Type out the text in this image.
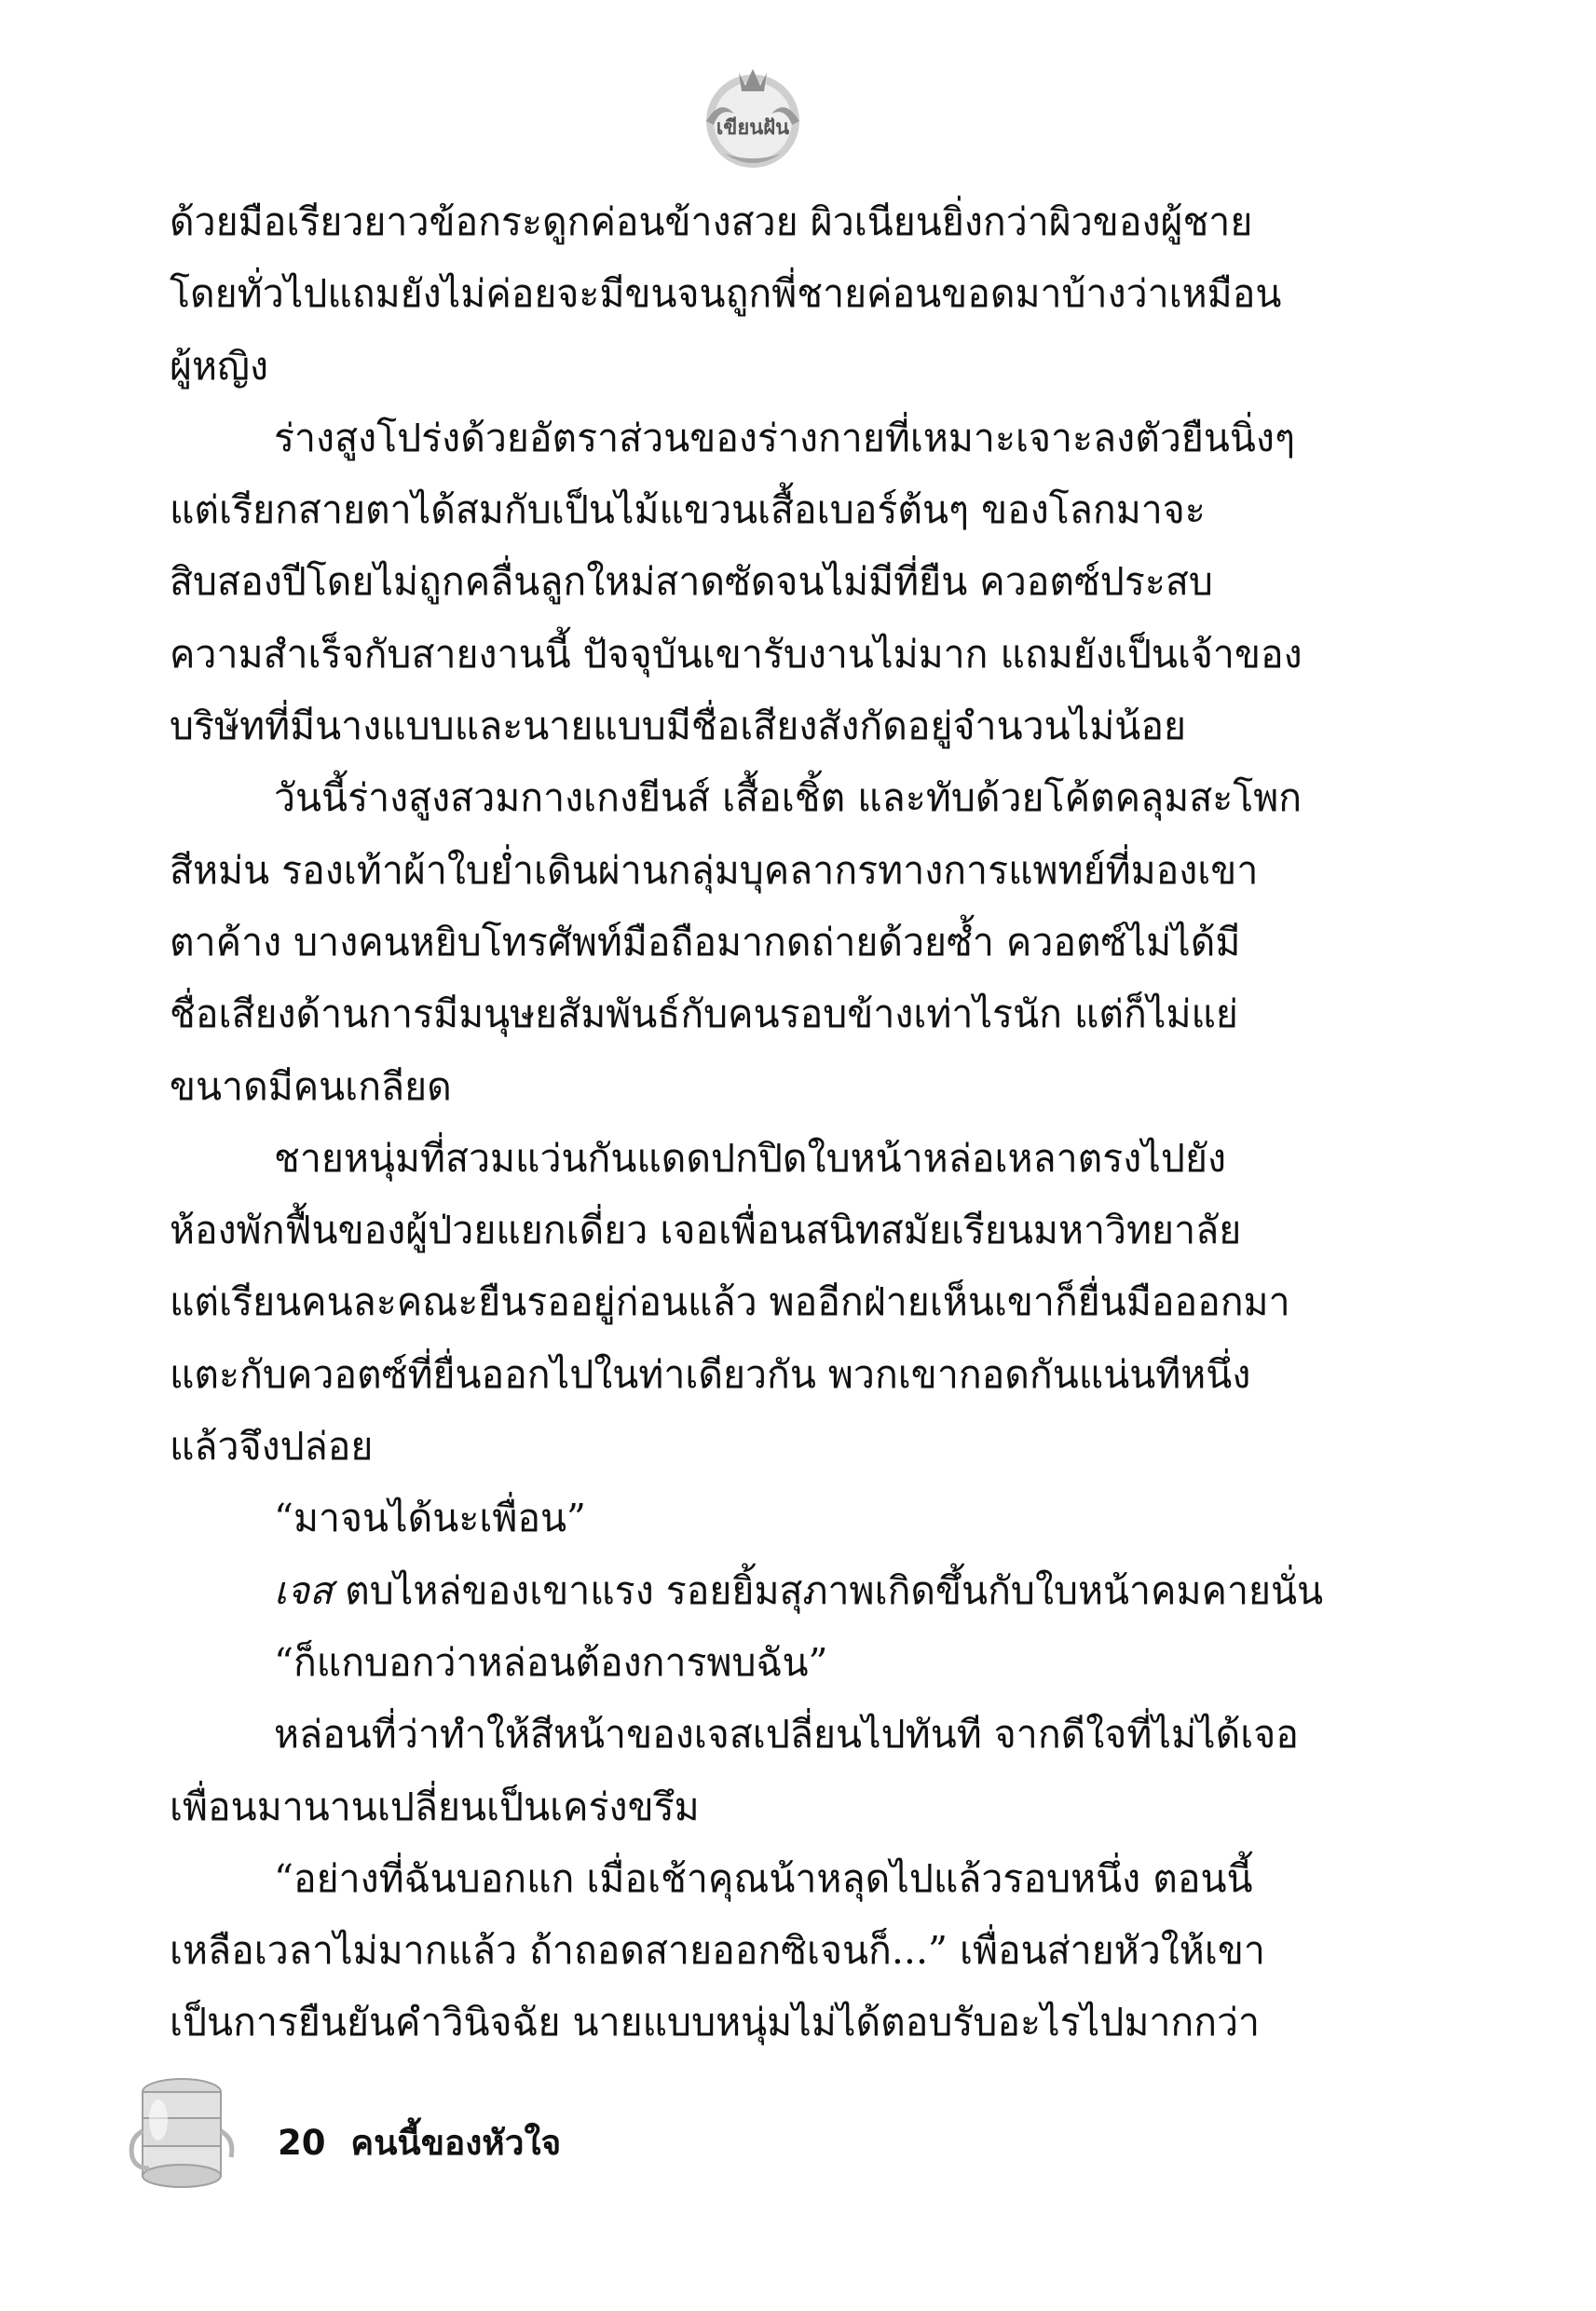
เขียนฝัน
ด้วยมือเรียวยาวข้อกระดูกค่อนข้างสวย ผิวเนียนยิ่งกว่าผิวของผู้ชาย
โดยทั่วไปแถมยังไม่ค่อยจะมีขนจนถูกพี่ชายค่อนขอดมาบ้างว่าเหมือน
ผู้หญิง
ร่างสูงโปร่งด้วยอัตราส่วนของร่างกายที่เหมาะเจาะลงตัวยืนนิ่งๆ
แต่เรียกสายตาได้สมกับเป็นไม้แขวนเสื้อเบอร์ต้นๆ ของโลกมาจะ
สิบสองปีโดยไม่ถูกคลื่นลูกใหม่สาดซัดจนไม่มีที่ยืน ควอตซ์ประสบ
ความสำเร็จกับสายงานนี้ ปัจจุบันเขารับงานไม่มาก แถมยังเป็นเจ้าของ
บริษัทที่มีนางแบบและนายแบบมีชื่อเสียงสังกัดอยู่จำนวนไม่น้อย
วันนี้ร่างสูงสวมกางเกงยีนส์ เสื้อเชิ้ต และทับด้วยโค้ตคลุมสะโพก
สีหม่น รองเท้าผ้าใบย่ำเดินผ่านกลุ่มบุคลากรทางการแพทย์ที่มองเขา
ตาค้าง บางคนหยิบโทรศัพท์มือถือมากดถ่ายด้วยซ้ำ ควอตซ์ไม่ได้มี
ชื่อเสียงด้านการมีมนุษยสัมพันธ์กับคนรอบข้างเท่าไรนัก แต่ก็ไม่แย่
ขนาดมีคนเกลียด
ชายหนุ่มที่สวมแว่นกันแดดปกปิดใบหน้าหล่อเหลาตรงไปยัง
ห้องพักฟื้นของผู้ป่วยแยกเดี่ยว เจอเพื่อนสนิทสมัยเรียนมหาวิทยาลัย
แต่เรียนคนละคณะยืนรออยู่ก่อนแล้ว พออีกฝ่ายเห็นเขาก็ยื่นมือออกมา
แตะกับควอตซ์ที่ยื่นออกไปในท่าเดียวกัน พวกเขากอดกันแน่นทีหนึ่ง
แล้วจึงปล่อย
“มาจนได้นะเพื่อน”
เจส ตบไหล่ของเขาแรง รอยยิ้มสุภาพเกิดขึ้นกับใบหน้าคมคายนั่น
“ก็แกบอกว่าหล่อนต้องการพบฉัน”
หล่อนที่ว่าทำให้สีหน้าของเจสเปลี่ยนไปทันที จากดีใจที่ไม่ได้เจอ
เพื่อนมานานเปลี่ยนเป็นเคร่งขรึม
“อย่างที่ฉันบอกแก เมื่อเช้าคุณน้าหลุดไปแล้วรอบหนึ่ง ตอนนี้
เหลือเวลาไม่มากแล้ว ถ้าถอดสายออกซิเจนก็...” เพื่อนส่ายหัวให้เขา
เป็นการยืนยันคำวินิจฉัย นายแบบหนุ่มไม่ได้ตอบรับอะไรไปมากกว่า
20 คนนี้ของหัวใจ
